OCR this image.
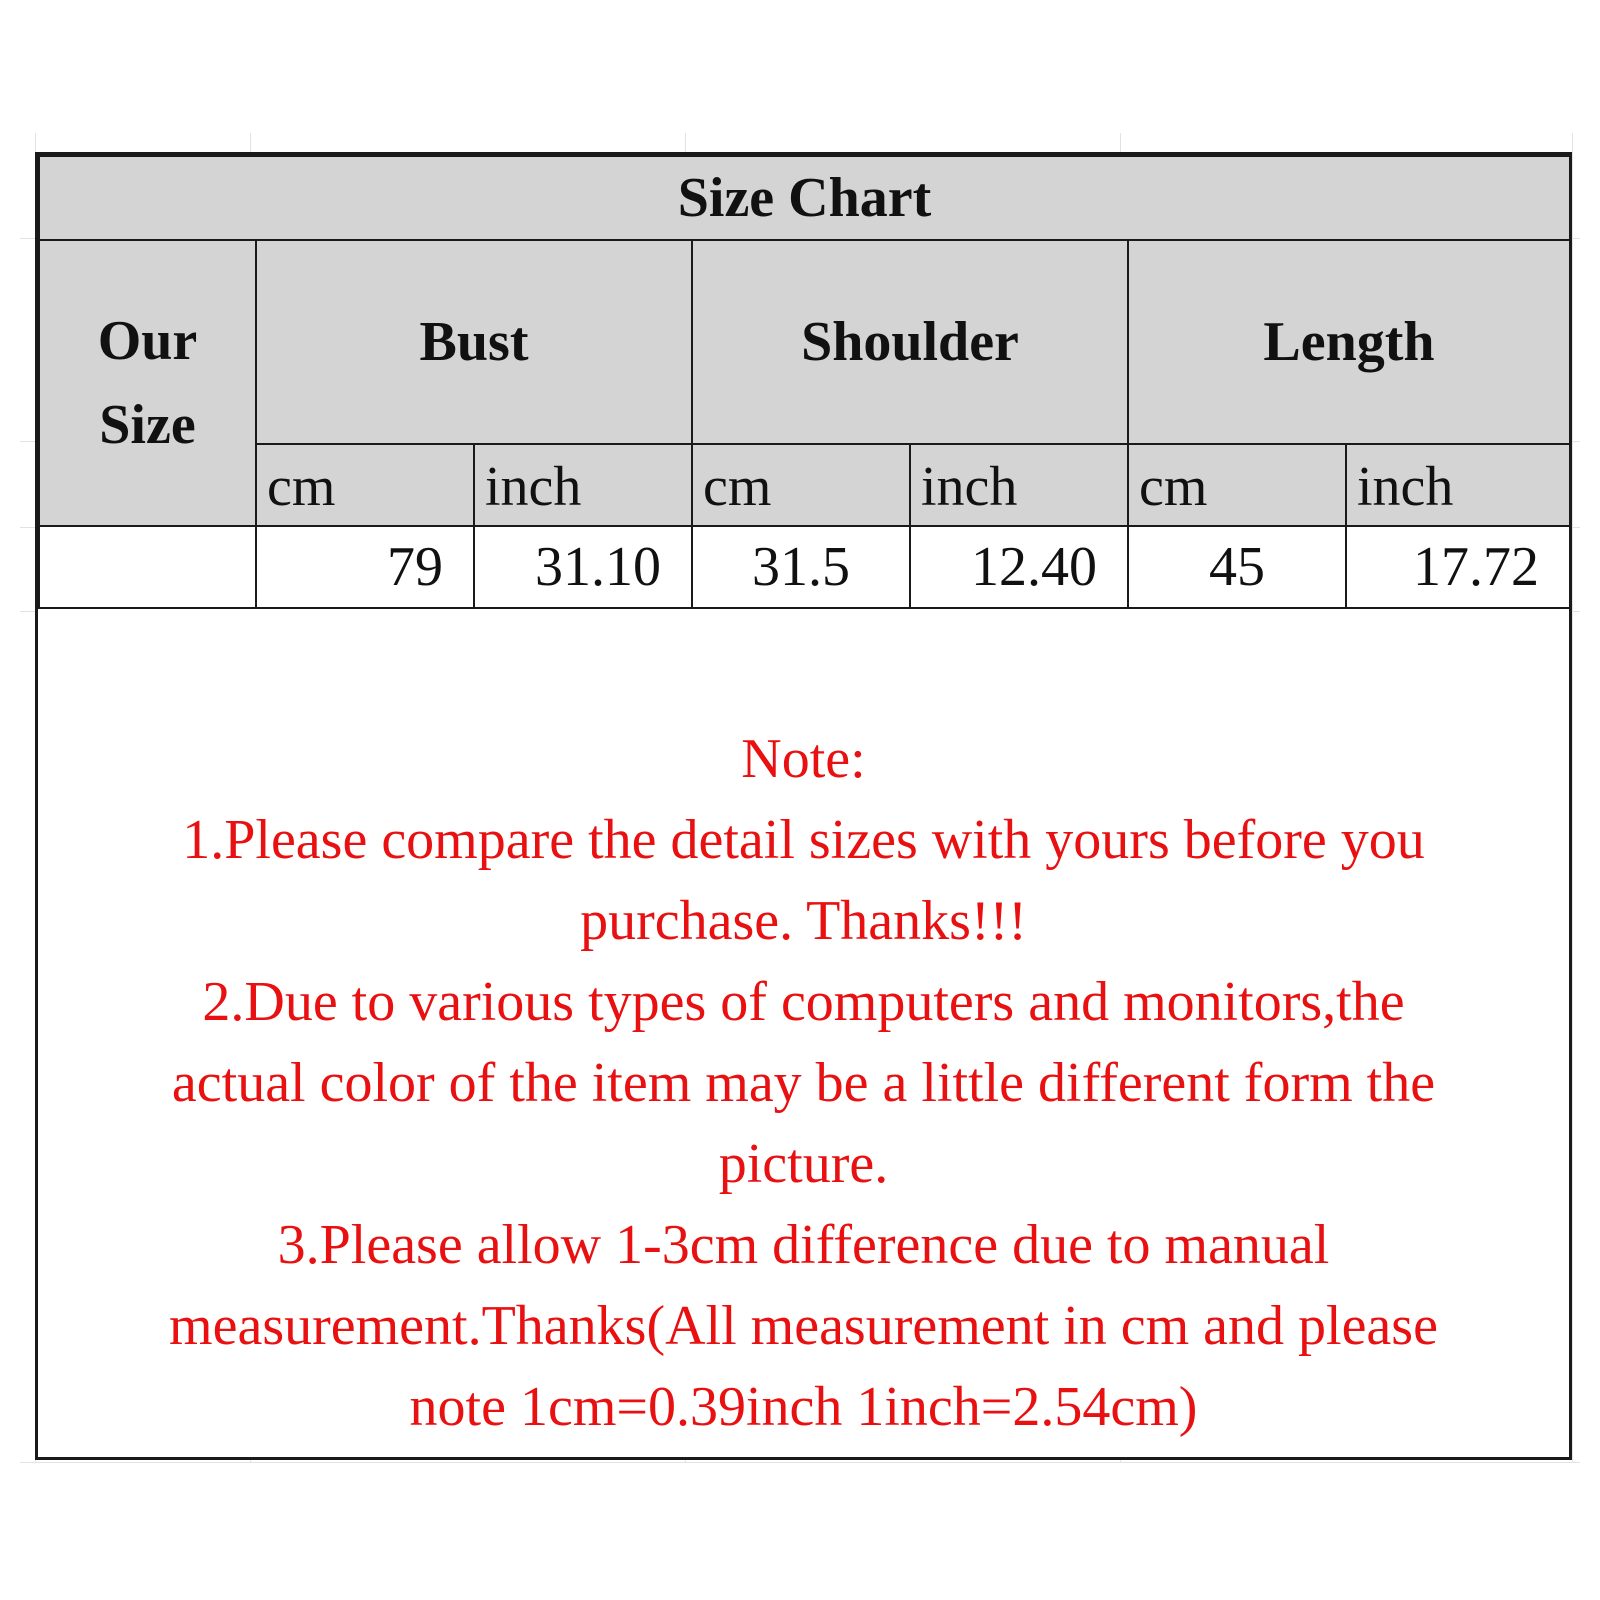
Size Chart						

Our
Size	Bust		Shoulder		Length	
	cm	inch	cm	inch	cm	inch
	79	31.10	31.5	12.40	45	17.72
Note:
1.Please compare the detail sizes with yours before you
purchase. Thanks!!!
2.Due to various types of computers and monitors,the
actual color of the item may be a little different form the
picture.
3.Please allow 1-3cm difference due to manual
measurement.Thanks(All measurement in cm and please
note 1cm=0.39inch 1inch=2.54cm)
